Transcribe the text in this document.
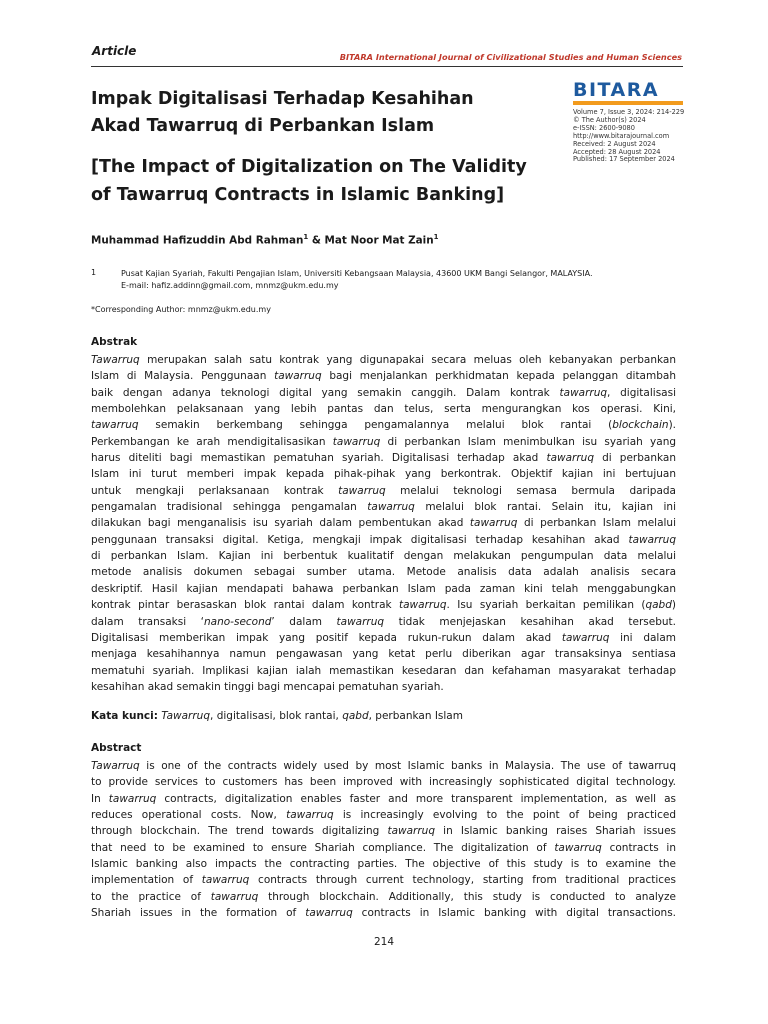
Article	BITARA International Journal of Civilizational Studies and Human Sciences
BITARA
Volume 7, Issue 3, 2024: 214-229
© The Author(s) 2024
e-ISSN: 2600-9080
http://www.bitarajournal.com
Received: 2 August 2024
Accepted: 28 August 2024
Published: 17 September 2024
Impak Digitalisasi Terhadap Kesahihan
Akad Tawarruq di Perbankan Islam
[The Impact of Digitalization on The Validity
of Tawarruq Contracts in Islamic Banking]
Muhammad Hafizuddin Abd Rahman$^1$ & Mat Noor Mat Zain$^1$
1	Pusat Kajian Syariah, Fakulti Pengajian Islam, Universiti Kebangsaan Malaysia, 43600 UKM Bangi Selangor, MALAYSIA.
E-mail: hafiz.addinn@gmail.com, mnmz@ukm.edu.my
*Corresponding Author: mnmz@ukm.edu.my
Abstrak
Tawarruq merupakan salah satu kontrak yang digunapakai secara meluas oleh kebanyakan perbankan
Islam di Malaysia. Penggunaan tawarruq bagi menjalankan perkhidmatan kepada pelanggan ditambah
baik dengan adanya teknologi digital yang semakin canggih. Dalam kontrak tawarruq, digitalisasi
membolehkan pelaksanaan yang lebih pantas dan telus, serta mengurangkan kos operasi. Kini,
tawarruq semakin berkembang sehingga pengamalannya melalui blok rantai (blockchain).
Perkembangan ke arah mendigitalisasikan tawarruq di perbankan Islam menimbulkan isu syariah yang
harus diteliti bagi memastikan pematuhan syariah. Digitalisasi terhadap akad tawarruq di perbankan
Islam ini turut memberi impak kepada pihak-pihak yang berkontrak. Objektif kajian ini bertujuan
untuk mengkaji perlaksanaan kontrak tawarruq melalui teknologi semasa bermula daripada
pengamalan tradisional sehingga pengamalan tawarruq melalui blok rantai. Selain itu, kajian ini
dilakukan bagi menganalisis isu syariah dalam pembentukan akad tawarruq di perbankan Islam melalui
penggunaan transaksi digital. Ketiga, mengkaji impak digitalisasi terhadap kesahihan akad tawarruq
di perbankan Islam. Kajian ini berbentuk kualitatif dengan melakukan pengumpulan data melalui
metode analisis dokumen sebagai sumber utama. Metode analisis data adalah analisis secara
deskriptif. Hasil kajian mendapati bahawa perbankan Islam pada zaman kini telah menggabungkan
kontrak pintar berasaskan blok rantai dalam kontrak tawarruq. Isu syariah berkaitan pemilikan (qabd)
dalam transaksi ‘nano-second’ dalam tawarruq tidak menjejaskan kesahihan akad tersebut.
Digitalisasi memberikan impak yang positif kepada rukun-rukun dalam akad tawarruq ini dalam
menjaga kesahihannya namun pengawasan yang ketat perlu diberikan agar transaksinya sentiasa
mematuhi syariah. Implikasi kajian ialah memastikan kesedaran dan kefahaman masyarakat terhadap
kesahihan akad semakin tinggi bagi mencapai pematuhan syariah.
Kata kunci: Tawarruq, digitalisasi, blok rantai, qabd, perbankan Islam
Abstract
Tawarruq is one of the contracts widely used by most Islamic banks in Malaysia. The use of tawarruq
to provide services to customers has been improved with increasingly sophisticated digital technology.
In tawarruq contracts, digitalization enables faster and more transparent implementation, as well as
reduces operational costs. Now, tawarruq is increasingly evolving to the point of being practiced
through blockchain. The trend towards digitalizing tawarruq in Islamic banking raises Shariah issues
that need to be examined to ensure Shariah compliance. The digitalization of tawarruq contracts in
Islamic banking also impacts the contracting parties. The objective of this study is to examine the
implementation of tawarruq contracts through current technology, starting from traditional practices
to the practice of tawarruq through blockchain. Additionally, this study is conducted to analyze
Shariah issues in the formation of tawarruq contracts in Islamic banking with digital transactions.
214
